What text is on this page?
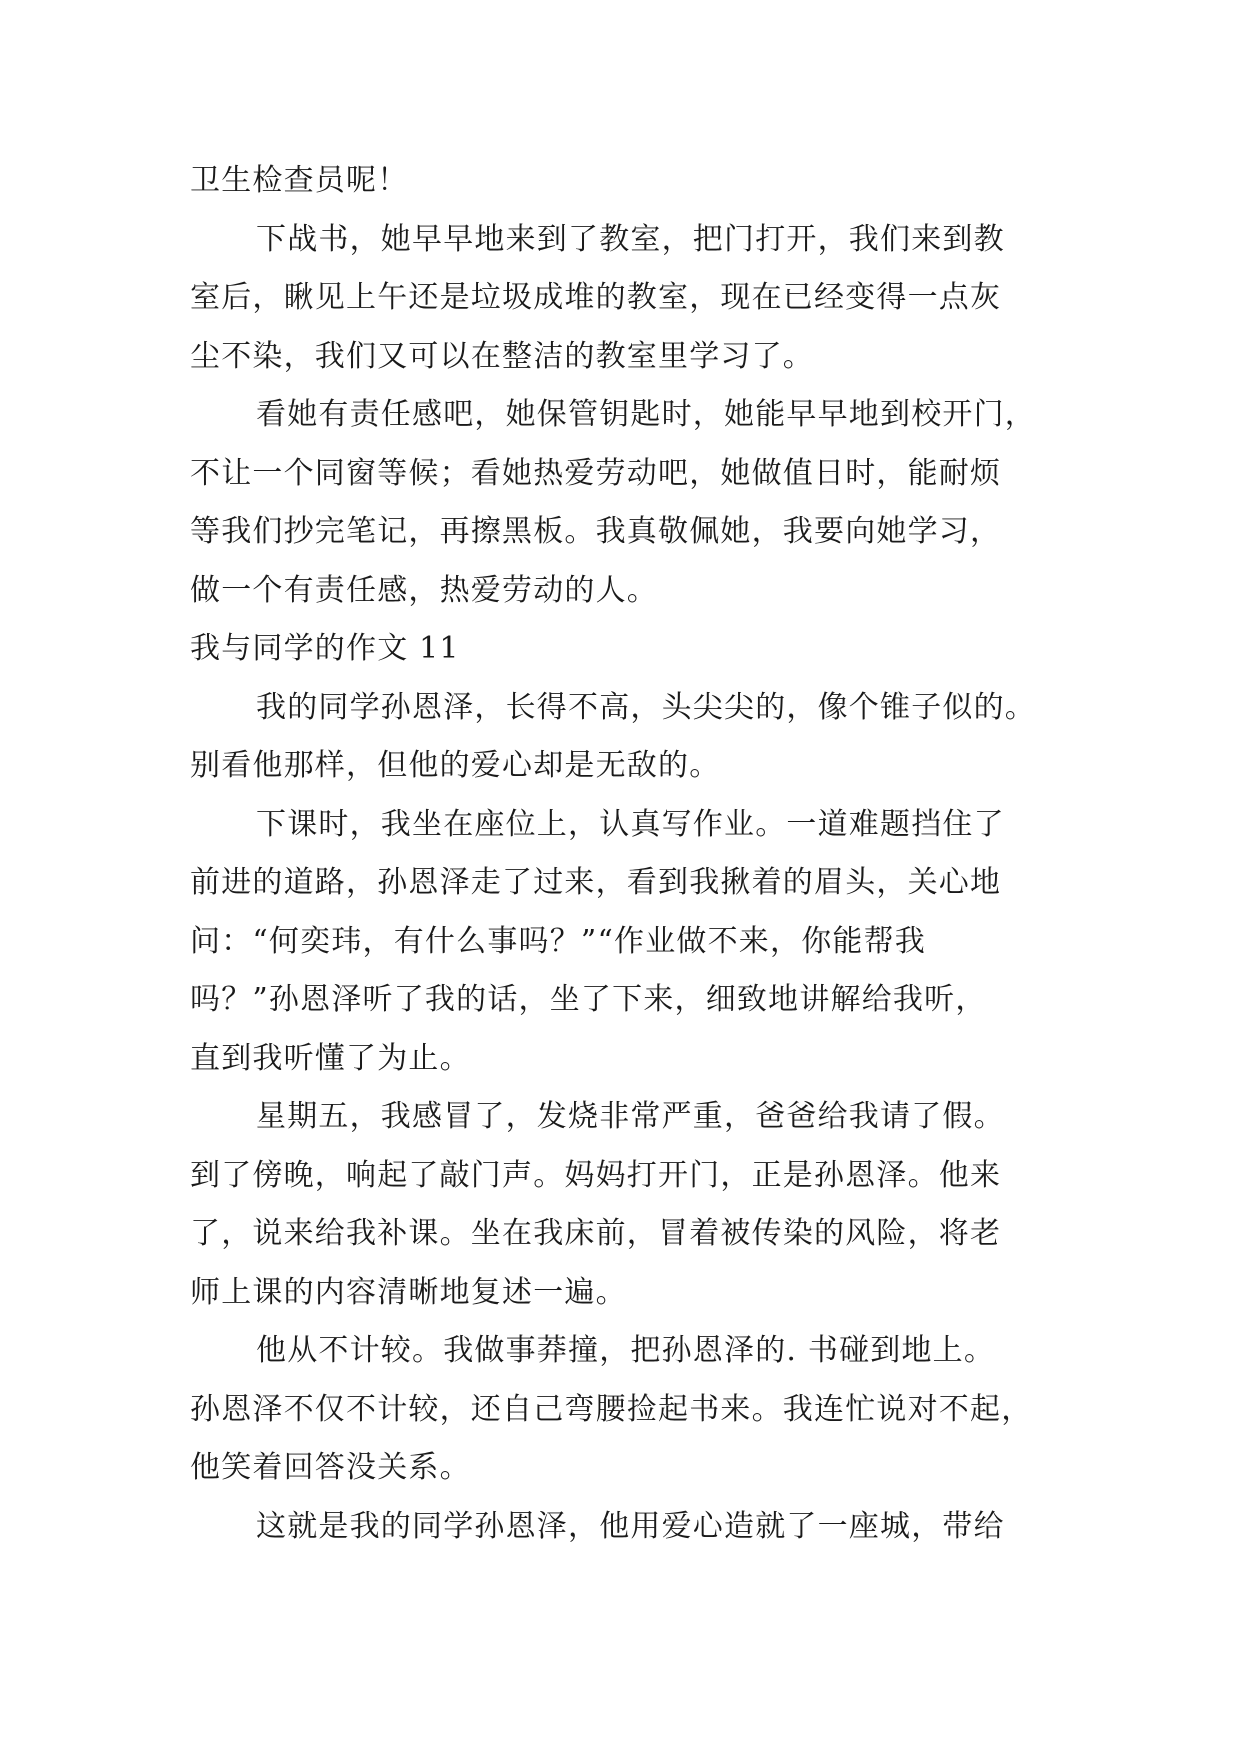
卫生检查员呢！
下战书，她早早地来到了教室，把门打开，我们来到教
室后，瞅见上午还是垃圾成堆的教室，现在已经变得一点灰
尘不染，我们又可以在整洁的教室里学习了。
看她有责任感吧，她保管钥匙时，她能早早地到校开门，
不让一个同窗等候；看她热爱劳动吧，她做值日时，能耐烦
等我们抄完笔记，再擦黑板。我真敬佩她，我要向她学习，
做一个有责任感，热爱劳动的人。
我与同学的作文 11
我的同学孙恩泽，长得不高，头尖尖的，像个锥子似的。
别看他那样，但他的爱心却是无敌的。
下课时，我坐在座位上，认真写作业。一道难题挡住了
前进的道路，孙恩泽走了过来，看到我揪着的眉头，关心地
问：“何奕玮，有什么事吗？”“作业做不来，你能帮我
吗？”孙恩泽听了我的话，坐了下来，细致地讲解给我听，
直到我听懂了为止。
星期五，我感冒了，发烧非常严重，爸爸给我请了假。
到了傍晚，响起了敲门声。妈妈打开门，正是孙恩泽。他来
了，说来给我补课。坐在我床前，冒着被传染的风险，将老
师上课的内容清晰地复述一遍。
他从不计较。我做事莽撞，把孙恩泽的. 书碰到地上。
孙恩泽不仅不计较，还自己弯腰捡起书来。我连忙说对不起，
他笑着回答没关系。
这就是我的同学孙恩泽，他用爱心造就了一座城，带给
